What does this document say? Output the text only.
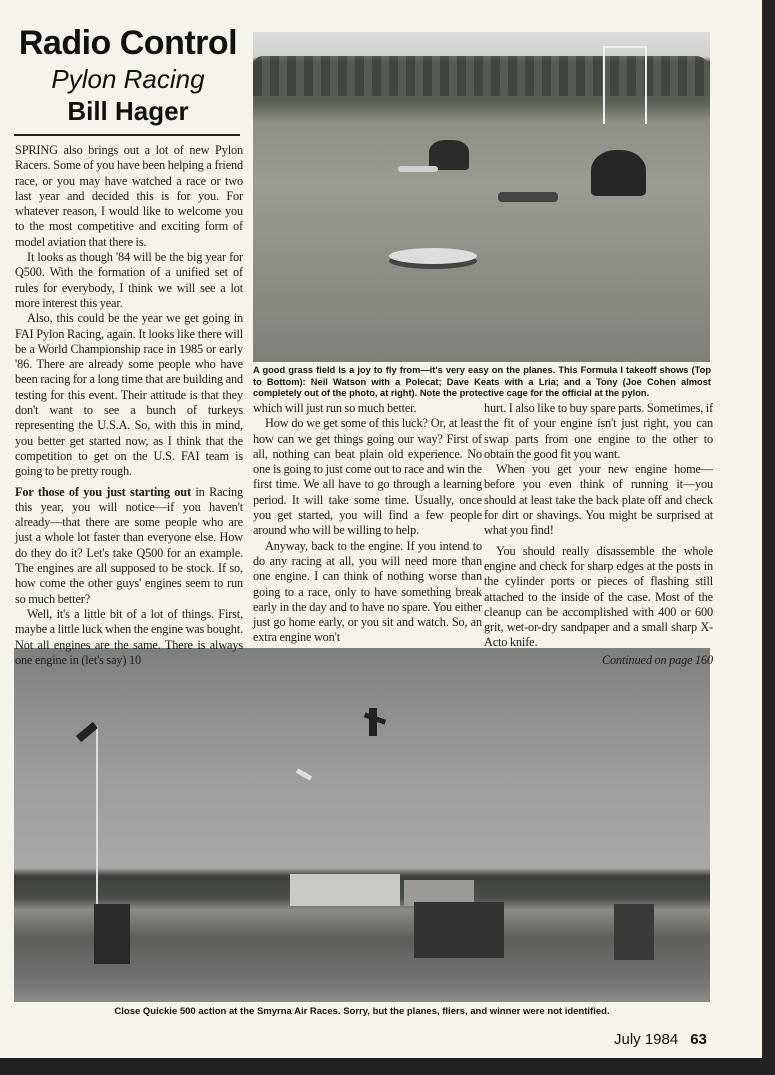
Radio Control
Pylon Racing
Bill Hager

SPRING also brings out a lot of new Pylon Racers. Some of you have been helping a friend race, or you may have watched a race or two last year and decided this is for you. For whatever reason, I would like to welcome you to the most competitive and exciting form of model aviation that there is.

It looks as though '84 will be the big year for Q500. With the formation of a unified set of rules for everybody, I think we will see a lot more interest this year.

Also, this could be the year we get going in FAI Pylon Racing, again. It looks like there will be a World Championship race in 1985 or early '86. There are already some people who have been racing for a long time that are building and testing for this event. Their attitude is that they don't want to see a bunch of turkeys representing the U.S.A. So, with this in mind, you better get started now, as I think that the competition to get on the U.S. FAI team is going to be pretty rough.

For those of you just starting out in Racing this year, you will notice—if you haven't already—that there are some people who are just a whole lot faster than everyone else. How do they do it? Let's take Q500 for an example. The engines are all supposed to be stock. If so, how come the other guys' engines seem to run so much better?

Well, it's a little bit of a lot of things. First, maybe a little luck when the engine was bought. Not all engines are the same. There is always one engine in (let's say) 10

A good grass field is a joy to fly from—it's very easy on the planes. This Formula I takeoff shows (Top to Bottom): Neil Watson with a Polecat; Dave Keats with a Lria; and a Tony (Joe Cohen almost completely out of the photo, at right). Note the protective cage for the official at the pylon.

which will just run so much better.

How do we get some of this luck? Or, at least how can we get things going our way? First of all, nothing can beat plain old experience. No one is going to just come out to race and win the first time. We all have to go through a learning period. It will take some time. Usually, once you get started, you will find a few people around who will be willing to help.

Anyway, back to the engine. If you intend to do any racing at all, you will need more than one engine. I can think of nothing worse than going to a race, only to have something break early in the day and to have no spare. You either just go home early, or you sit and watch. So, an extra engine won't

hurt. I also like to buy spare parts. Sometimes, if the fit of your engine isn't just right, you can swap parts from one engine to the other to obtain the good fit you want.

When you get your new engine home—before you even think of running it—you should at least take the back plate off and check for dirt or shavings. You might be surprised at what you find!

You should really disassemble the whole engine and check for sharp edges at the posts in the cylinder ports or pieces of flashing still attached to the inside of the case. Most of the cleanup can be accomplished with 400 or 600 grit, wet-or-dry sandpaper and a small sharp X-Acto knife.

Continued on page 160

Close Quickie 500 action at the Smyrna Air Races. Sorry, but the planes, fliers, and winner were not identified.
July 1984 63
